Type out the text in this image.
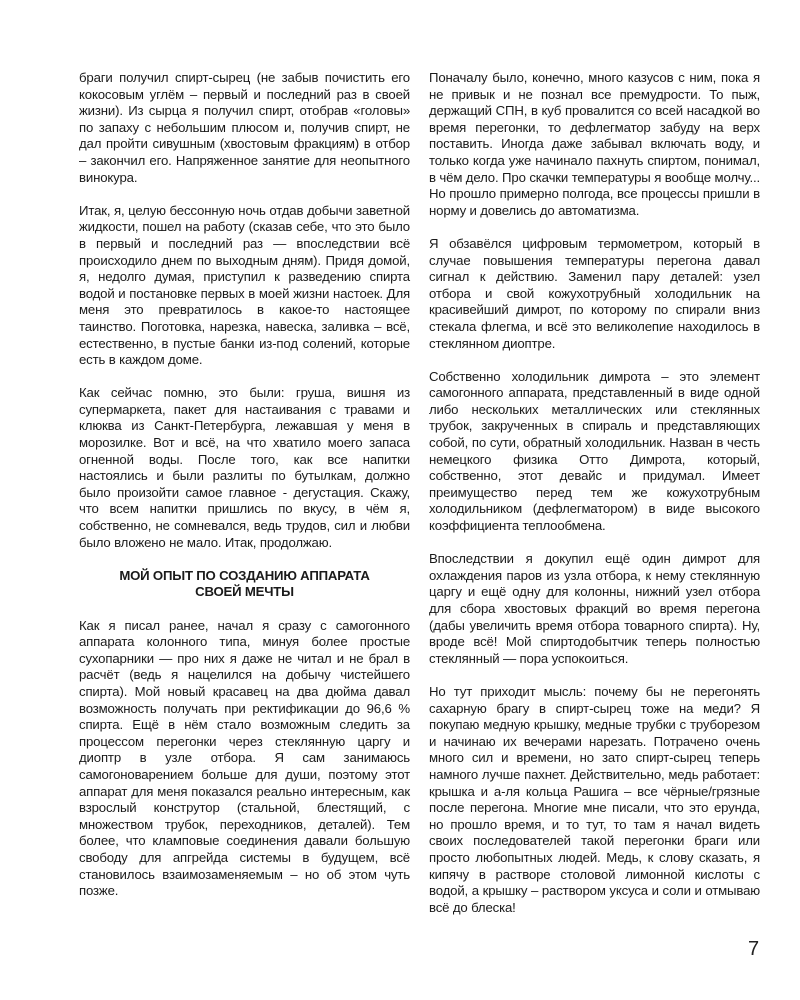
браги получил спирт-сырец (не забыв почистить его кокосовым углём – первый и последний раз в своей жизни). Из сырца я получил спирт, отобрав «головы» по запаху с небольшим плюсом и, получив спирт, не дал пройти сивушным (хвостовым фракциям) в отбор – закончил его. Напряженное занятие для неопытного винокура.

Итак, я, целую бессонную ночь отдав добычи заветной жидкости, пошел на работу (сказав себе, что это было в первый и последний раз — впоследствии всё происходило днем по выходным дням). Придя домой, я, недолго думая, приступил к разведению спирта водой и постановке первых в моей жизни настоек. Для меня это превратилось в какое-то настоящее таинство. Поготовка, нарезка, навеска, заливка – всё, естественно, в пустые банки из-под солений, которые есть в каждом доме.

Как сейчас помню, это были: груша, вишня из супермаркета, пакет для настаивания с травами и клюква из Санкт-Петербурга, лежавшая у меня в морозилке. Вот и всё, на что хватило моего запаса огненной воды. После того, как все напитки настоялись и были разлиты по бутылкам, должно было произойти самое главное - дегустация. Скажу, что всем напитки пришлись по вкусу, в чём я, собственно, не сомневался, ведь трудов, сил и любви было вложено не мало. Итак, продолжаю.

МОЙ ОПЫТ ПО СОЗДАНИЮ АППАРАТА
СВОЕЙ МЕЧТЫ

Как я писал ранее, начал я сразу с самогонного аппарата колонного типа, минуя более простые сухопарники — про них я даже не читал и не брал в расчёт (ведь я нацелился на добычу чистейшего спирта). Мой новый красавец на два дюйма давал возможность получать при ректификации до 96,6 % спирта. Ещё в нём стало возможным следить за процессом перегонки через стеклянную царгу и диоптр в узле отбора. Я сам занимаюсь самогоноварением больше для души, поэтому этот аппарат для меня показался реально интересным, как взрослый конструтор (стальной, блестящий, с множеством трубок, переходников, деталей). Тем более, что клампoвые соединения давали большую свободу для апгрейда системы в будущем, всё становилось взаимозаменяемым – но об этом чуть позже.

Поначалу было, конечно, много казусов с ним, пока я не привык и не познал все премудрости. То пыж, держащий СПН, в куб провалится со всей насадкой во время перегонки, то дефлегматор забуду на верх поставить. Иногда даже забывал включать воду, и только когда уже начинало пахнуть спиртом, понимал, в чём дело. Про скачки температуры я вообще молчу... Но прошло примерно полгода, все процессы пришли в норму и довелись до автоматизма.

Я обзавёлся цифровым термометром, который в случае повышения температуры перегона давал сигнал к действию. Заменил пару деталей: узел отбора и свой кожухотрубный холодильник на красивейший димрот, по которому по спирали вниз стекала флегма, и всё это великолепие находилось в стеклянном диоптре.

Собственно холодильник димрота – это элемент самогонного аппарата, представленный в виде одной либо нескольких металлических или стеклянных трубок, закрученных в спираль и представляющих собой, по сути, обратный холодильник. Назван в честь немецкого физика Отто Димрота, который, собственно, этот девайс и придумал. Имеет преимущество перед тем же кожухотрубным холодильником (дефлегматором) в виде высокого коэффициента теплообмена.

Впоследствии я докупил ещё один димрот для охлаждения паров из узла отбора, к нему стеклянную царгу и ещё одну для колонны, нижний узел отбора для сбора хвостовых фракций во время перегона (дабы увеличить время отбора товарного спирта). Ну, вроде всё! Мой спиртодобытчик теперь полностью стеклянный — пора успокоиться.

Но тут приходит мысль: почему бы не перегонять сахарную брагу в спирт-сырец тоже на меди? Я покупаю медную крышку, медные трубки с труборезом и начинаю их вечерами нарезать. Потрачено очень много сил и времени, но зато спирт-сырец теперь намного лучше пахнет. Действительно, медь работает: крышка и а-ля кольца Рашига – все чёрные/грязные после перегона. Многие мне писали, что это ерунда, но прошло время, и то тут, то там я начал видеть своих последователей такой перегонки браги или просто любопытных людей. Медь, к слову сказать, я кипячу в растворе столовой лимонной кислоты с водой, а крышку – раствором уксуса и соли и отмываю всё до блеска!

7
